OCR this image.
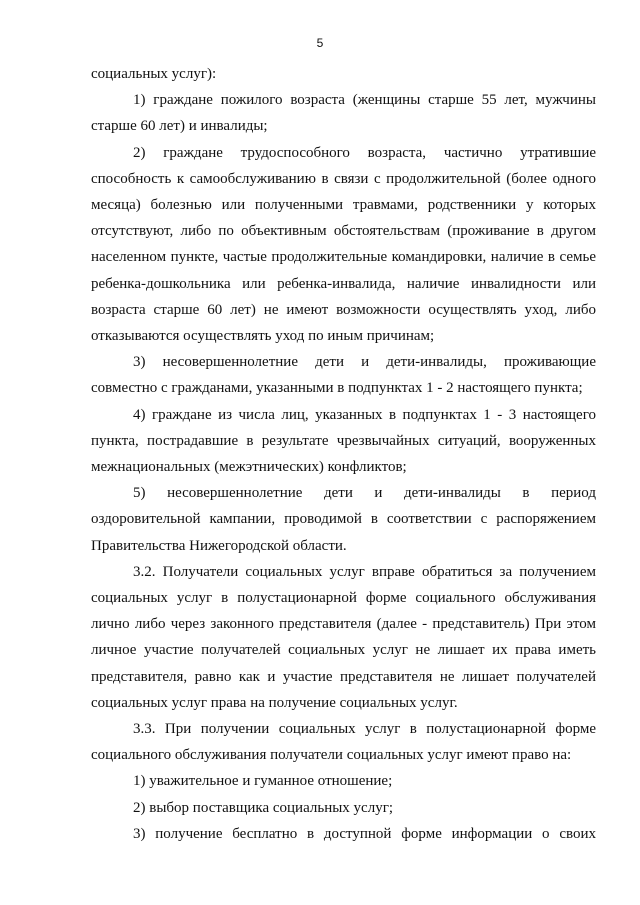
5

социальных услуг):

1) граждане пожилого возраста (женщины старше 55 лет, мужчины старше 60 лет) и инвалиды;

2) граждане трудоспособного возраста, частично утратившие способность к самообслуживанию в связи с продолжительной (более одного месяца) болезнью или полученными травмами, родственники у которых отсутствуют, либо по объективным обстоятельствам (проживание в другом населенном пункте, частые продолжительные командировки, наличие в семье ребенка-дошкольника или ребенка-инвалида, наличие инвалидности или возраста старше 60 лет) не имеют возможности осуществлять уход, либо отказываются осуществлять уход по иным причинам;

3) несовершеннолетние дети и дети-инвалиды, проживающие совместно с гражданами, указанными в подпунктах 1 - 2 настоящего пункта;

4) граждане из числа лиц, указанных в подпунктах 1 - 3 настоящего пункта, пострадавшие в результате чрезвычайных ситуаций, вооруженных межнациональных (межэтнических) конфликтов;

5) несовершеннолетние дети и дети-инвалиды в период оздоровительной кампании, проводимой в соответствии с распоряжением Правительства Нижегородской области.

3.2. Получатели социальных услуг вправе обратиться за получением социальных услуг в полустационарной форме социального обслуживания лично либо через законного представителя (далее - представитель) При этом личное участие получателей социальных услуг не лишает их права иметь представителя, равно как и участие представителя не лишает получателей социальных услуг права на получение социальных услуг.

3.3. При получении социальных услуг в полустационарной форме социального обслуживания получатели социальных услуг имеют право на:

1) уважительное и гуманное отношение;

2) выбор поставщика социальных услуг;

3) получение бесплатно в доступной форме информации о своих
